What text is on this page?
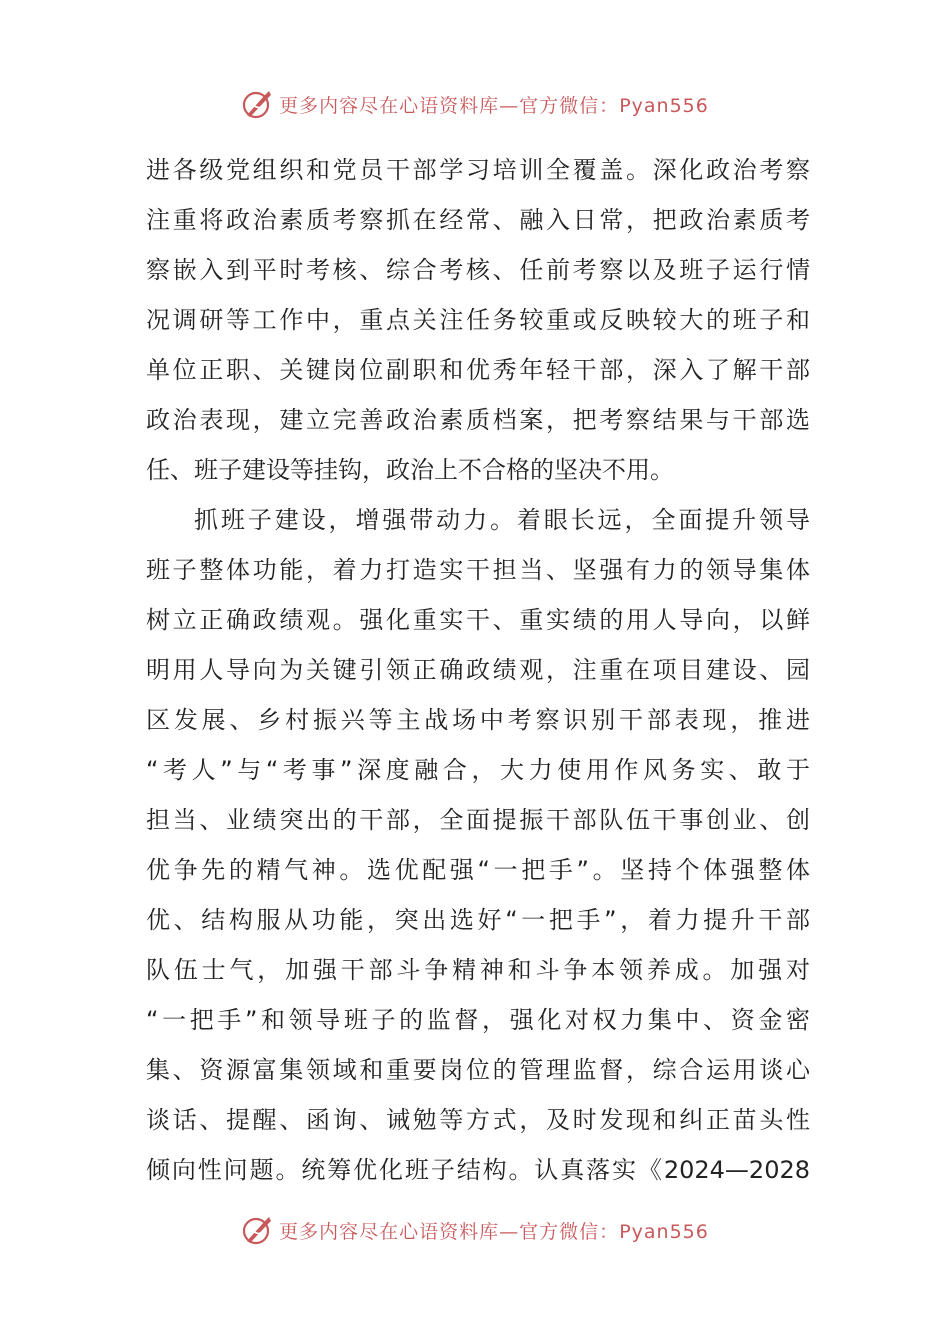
更多内容尽在心语资料库—官方微信：Pyan556
进各级党组织和党员干部学习培训全覆盖。深化政治考察
注重将政治素质考察抓在经常、融入日常，把政治素质考
察嵌入到平时考核、综合考核、任前考察以及班子运行情
况调研等工作中，重点关注任务较重或反映较大的班子和
单位正职、关键岗位副职和优秀年轻干部，深入了解干部
政治表现，建立完善政治素质档案，把考察结果与干部选
任、班子建设等挂钩，政治上不合格的坚决不用。
抓班子建设，增强带动力。着眼长远，全面提升领导
班子整体功能，着力打造实干担当、坚强有力的领导集体
树立正确政绩观。强化重实干、重实绩的用人导向，以鲜
明用人导向为关键引领正确政绩观，注重在项目建设、园
区发展、乡村振兴等主战场中考察识别干部表现，推进
“考人”与“考事”深度融合，大力使用作风务实、敢于
担当、业绩突出的干部，全面提振干部队伍干事创业、创
优争先的精气神。选优配强“一把手”。坚持个体强整体
优、结构服从功能，突出选好“一把手”，着力提升干部
队伍士气，加强干部斗争精神和斗争本领养成。加强对
“一把手”和领导班子的监督，强化对权力集中、资金密
集、资源富集领域和重要岗位的管理监督，综合运用谈心
谈话、提醒、函询、诫勉等方式，及时发现和纠正苗头性
倾向性问题。统筹优化班子结构。认真落实《2024—2028
更多内容尽在心语资料库—官方微信：Pyan556
